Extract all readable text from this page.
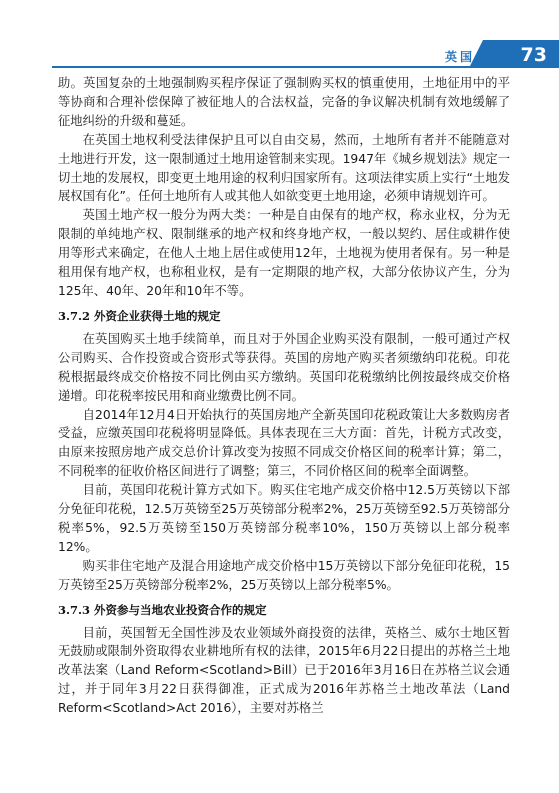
英国 73

助。英国复杂的土地强制购买程序保证了强制购买权的慎重使用，土地征用中的平等协商和合理补偿保障了被征地人的合法权益，完备的争议解决机制有效地缓解了征地纠纷的升级和蔓延。

在英国土地权利受法律保护且可以自由交易，然而，土地所有者并不能随意对土地进行开发，这一限制通过土地用途管制来实现。1947年《城乡规划法》规定一切土地的发展权，即变更土地用途的权利归国家所有。这项法律实质上实行“土地发展权国有化”。任何土地所有人或其他人如欲变更土地用途，必须申请规划许可。

英国土地产权一般分为两大类：一种是自由保有的地产权，称永业权，分为无限制的单纯地产权、限制继承的地产权和终身地产权，一般以契约、居住或耕作使用等形式来确定，在他人土地上居住或使用12年，土地视为使用者保有。另一种是租用保有地产权，也称租业权，是有一定期限的地产权，大部分依协议产生，分为125年、40年、20年和10年不等。

3.7.2 外资企业获得土地的规定

在英国购买土地手续简单，而且对于外国企业购买没有限制，一般可通过产权公司购买、合作投资或合资形式等获得。英国的房地产购买者须缴纳印花税。印花税根据最终成交价格按不同比例由买方缴纳。英国印花税缴纳比例按最终成交价格递增。印花税率按民用和商业缴费比例不同。

自2014年12月4日开始执行的英国房地产全新英国印花税政策让大多数购房者受益，应缴英国印花税将明显降低。具体表现在三大方面：首先，计税方式改变，由原来按照房地产成交总价计算改变为按照不同成交价格区间的税率计算；第二，不同税率的征收价格区间进行了调整；第三，不同价格区间的税率全面调整。

目前，英国印花税计算方式如下。购买住宅地产成交价格中12.5万英镑以下部分免征印花税，12.5万英镑至25万英镑部分税率2%，25万英镑至92.5万英镑部分税率5%，92.5万英镑至150万英镑部分税率10%，150万英镑以上部分税率12%。

购买非住宅地产及混合用途地产成交价格中15万英镑以下部分免征印花税，15万英镑至25万英镑部分税率2%，25万英镑以上部分税率5%。

3.7.3 外资参与当地农业投资合作的规定

目前，英国暂无全国性涉及农业领域外商投资的法律，英格兰、威尔士地区暂无鼓励或限制外资取得农业耕地所有权的法律，2015年6月22日提出的苏格兰土地改革法案（Land Reform<Scotland>Bill）已于2016年3月16日在苏格兰议会通过，并于同年3月22日获得御准，正式成为2016年苏格兰土地改革法（Land Reform<Scotland>Act 2016），主要对苏格兰
